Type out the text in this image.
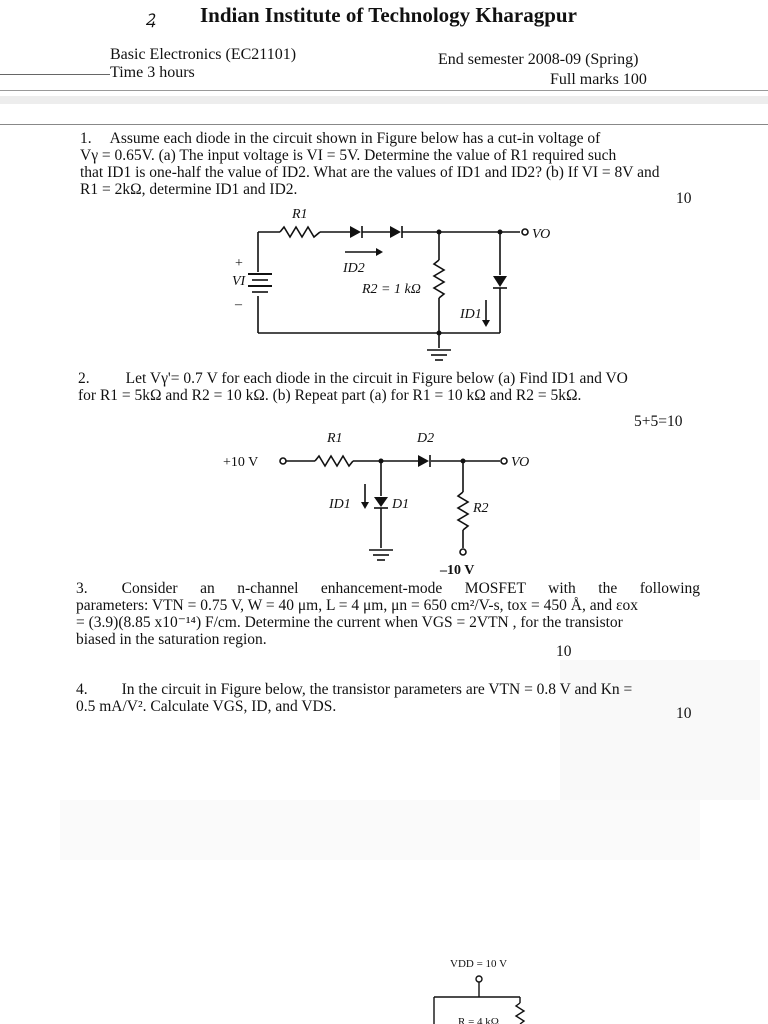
Ꝝ Indian Institute of Technology Kharagpur
Basic Electronics (EC21101)
Time 3 hours
End semester 2008-09 (Spring)
Full marks 100
1. Assume each diode in the circuit shown in Figure below has a cut-in voltage of
Vγ = 0.65V. (a) The input voltage is VI = 5V. Determine the value of R1 required such
that ID1 is one-half the value of ID2. What are the values of ID1 and ID2? (b) If VI = 8V and
R1 = 2kΩ, determine ID1 and ID2.
10
R1
VO
VI
+
–
ID2
R2 = 1 kΩ
ID1
2. Let Vγ'= 0.7 V for each diode in the circuit in Figure below (a) Find ID1 and VO
for R1 = 5kΩ and R2 = 10 kΩ. (b) Repeat part (a) for R1 = 10 kΩ and R2 = 5kΩ.
5+5=10
+10 V
R1	D2
VO
ID1	D1	R2
–10 V
3. Consider an n-channel enhancement-mode MOSFET with the following
parameters: VTN = 0.75 V, W = 40 μm, L = 4 μm, μn = 650 cm²/V-s, tox = 450 Å, and εox
= (3.9)(8.85 x10⁻¹⁴) F/cm. Determine the current when VGS = 2VTN , for the transistor
biased in the saturation region.
10
4. In the circuit in Figure below, the transistor parameters are VTN = 0.8 V and Kn =
0.5 mA/V². Calculate VGS, ID, and VDS.	10
VDD = 10 V
R = 4 kΩ
